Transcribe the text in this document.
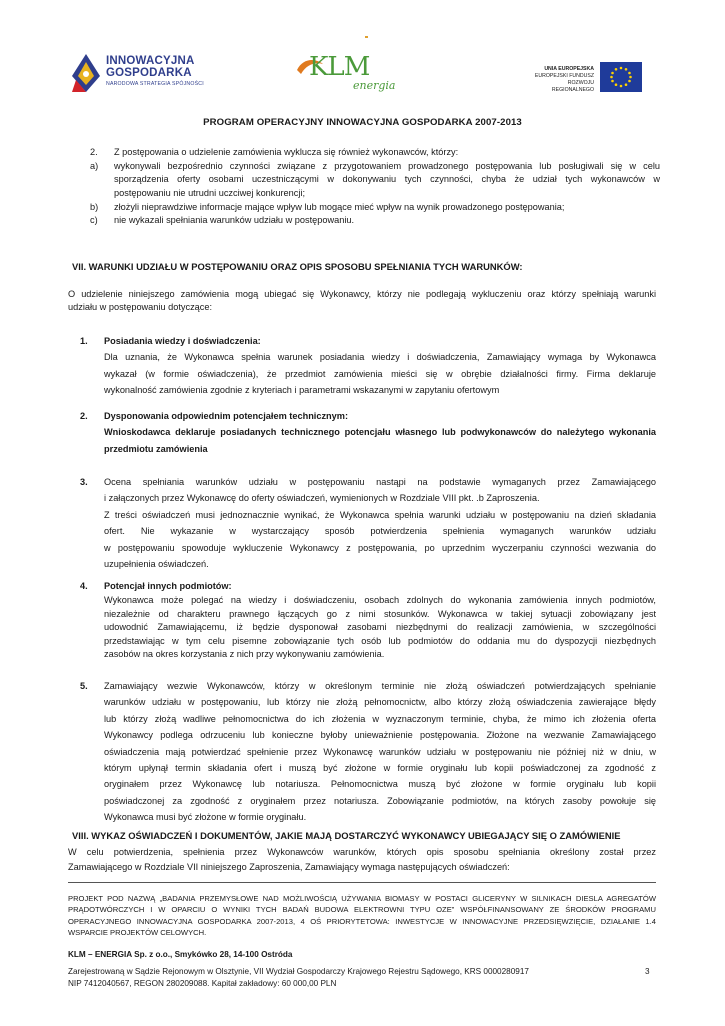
INNOWACYJNA
GOSPODARKA
NARODOWA STRATEGIA SPÓJNOŚCI
KLM
energia
UNIA EUROPEJSKA
EUROPEJSKI FUNDUSZ
ROZWOJU REGIONALNEGO
PROGRAM OPERACYJNY INNOWACYJNA GOSPODARKA 2007-2013
2. Z postępowania o udzielenie zamówienia wyklucza się również wykonawców, którzy:
a) wykonywali bezpośrednio czynności związane z przygotowaniem prowadzonego postępowania lub posługiwali się w celu
sporządzenia oferty osobami uczestniczącymi w dokonywaniu tych czynności, chyba że udział tych wykonawców w
postępowaniu nie utrudni uczciwej konkurencji;
b) złożyli nieprawdziwe informacje mające wpływ lub mogące mieć wpływ na wynik prowadzonego postępowania;
c) nie wykazali spełniania warunków udziału w postępowaniu.
VII. WARUNKI UDZIAŁU W POSTĘPOWANIU ORAZ OPIS SPOSOBU SPEŁNIANIA TYCH WARUNKÓW:
O udzielenie niniejszego zamówienia mogą ubiegać się Wykonawcy, którzy nie podlegają wykluczeniu oraz którzy spełniają warunki
udziału w postępowaniu dotyczące:
1. Posiadania wiedzy i doświadczenia:
Dla uznania, że Wykonawca spełnia warunek posiadania wiedzy i doświadczenia, Zamawiający wymaga by Wykonawca
wykazał (w formie oświadczenia), że przedmiot zamówienia mieści się w obrębie działalności firmy. Firma deklaruje
wykonalność zamówienia zgodnie z kryteriach i parametrami wskazanymi w zapytaniu ofertowym
2. Dysponowania odpowiednim potencjałem technicznym:
Wnioskodawca deklaruje posiadanych technicznego potencjału własnego lub podwykonawców do należytego wykonania
przedmiotu zamówienia
3. Ocena spełniania warunków udziału w postępowaniu nastąpi na podstawie wymaganych przez Zamawiającego
i załączonych przez Wykonawcę do oferty oświadczeń, wymienionych w Rozdziale VIII pkt. .b Zaproszenia.
Z treści oświadczeń musi jednoznacznie wynikać, że Wykonawca spełnia warunki udziału w postępowaniu na dzień składania
ofert. Nie wykazanie w wystarczający sposób potwierdzenia spełnienia wymaganych warunków udziału
w postępowaniu spowoduje wykluczenie Wykonawcy z postępowania, po uprzednim wyczerpaniu czynności wezwania do
uzupełnienia oświadczeń.
4. Potencjał innych podmiotów:
Wykonawca może polegać na wiedzy i doświadczeniu, osobach zdolnych do wykonania zamówienia innych podmiotów,
niezależnie od charakteru prawnego łączących go z nimi stosunków. Wykonawca w takiej sytuacji zobowiązany jest
udowodnić Zamawiającemu, iż będzie dysponował zasobami niezbędnymi do realizacji zamówienia, w szczególności
przedstawiając w tym celu pisemne zobowiązanie tych osób lub podmiotów do oddania mu do dyspozycji niezbędnych
zasobów na okres korzystania z nich przy wykonywaniu zamówienia.
5. Zamawiający wezwie Wykonawców, którzy w określonym terminie nie złożą oświadczeń potwierdzających spełnianie
warunków udziału w postępowaniu, lub którzy nie złożą pełnomocnictw, albo którzy złożą oświadczenia zawierające błędy
lub którzy złożą wadliwe pełnomocnictwa do ich złożenia w wyznaczonym terminie, chyba, że mimo ich złożenia oferta
Wykonawcy podlega odrzuceniu lub konieczne byłoby unieważnienie postępowania. Złożone na wezwanie Zamawiającego
oświadczenia mają potwierdzać spełnienie przez Wykonawcę warunków udziału w postępowaniu nie później niż w dniu, w
którym upłynął termin składania ofert i muszą być złożone w formie oryginału lub kopii poświadczonej za zgodność z
oryginałem przez Wykonawcę lub notariusza. Pełnomocnictwa muszą być złożone w formie oryginału lub kopii
poświadczonej za zgodność z oryginałem przez notariusza. Zobowiązanie podmiotów, na których zasoby powołuje się
Wykonawca musi być złożone w formie oryginału.
VIII. WYKAZ OŚWIADCZEŃ I DOKUMENTÓW, JAKIE MAJĄ DOSTARCZYĆ WYKONAWCY UBIEGAJĄCY SIĘ O ZAMÓWIENIE
W celu potwierdzenia, spełnienia przez Wykonawców warunków, których opis sposobu spełniania określony został przez
Zamawiającego w Rozdziale VII niniejszego Zaproszenia, Zamawiający wymaga następujących oświadczeń:
PROJEKT POD NAZWĄ „BADANIA PRZEMYSŁOWE NAD MOŻLIWOŚCIĄ UŻYWANIA BIOMASY W POSTACI GLICERYNY W SILNIKACH DIESLA AGREGATÓW
PRĄDOTWÓRCZYCH I W OPARCIU O WYNIKI TYCH BADAŃ BUDOWA ELEKTROWNI TYPU OZE” WSPÓŁFINANSOWANY ZE ŚRODKÓW PROGRAMU
OPERACYJNEGO INNOWACYJNA GOSPODARKA 2007-2013, 4 OŚ PRIORYTETOWA: INWESTYCJE W INNOWACYJNE PRZEDSIĘWZIĘCIE, DZIAŁANIE 1.4
WSPARCIE PROJEKTÓW CELOWYCH.
KLM – ENERGIA Sp. z o.o., Smykówko 28, 14-100 Ostróda
Zarejestrowaną w Sądzie Rejonowym w Olsztynie, VII Wydział Gospodarczy Krajowego Rejestru Sądowego, KRS 0000280917
NIP 7412040567, REGON 280209088. Kapitał zakładowy: 60 000,00 PLN
3
